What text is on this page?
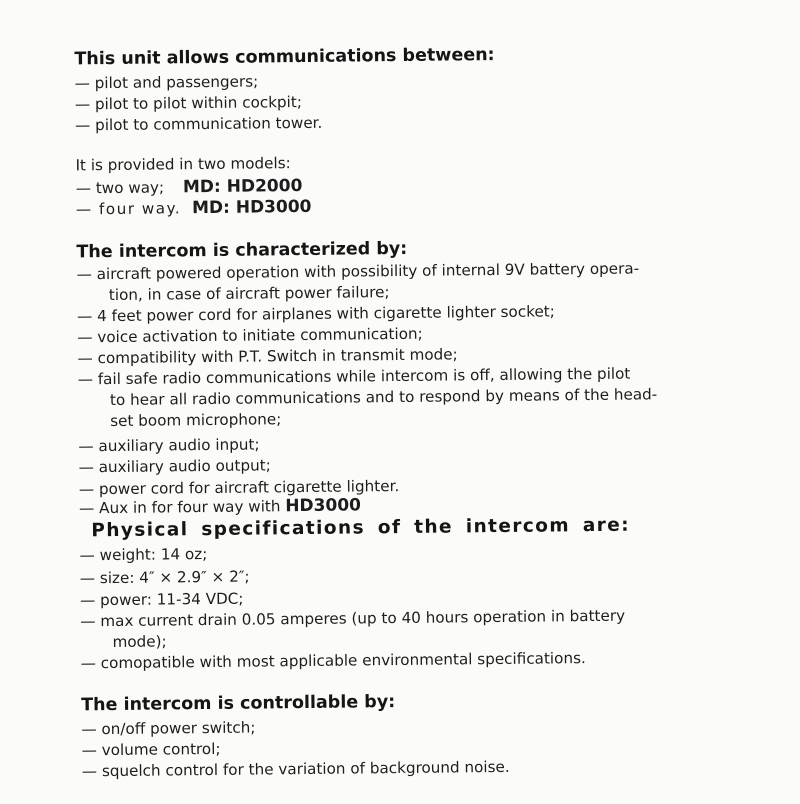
This unit allows communications between:
— pilot and passengers;
— pilot to pilot within cockpit;
— pilot to communication tower.
It is provided in two models:
— two way; MD: HD2000
— four way. MD: HD3000
The intercom is characterized by:
— aircraft powered operation with possibility of internal 9V battery opera-
tion, in case of aircraft power failure;
— 4 feet power cord for airplanes with cigarette lighter socket;
— voice activation to initiate communication;
— compatibility with P.T. Switch in transmit mode;
— fail safe radio communications while intercom is off, allowing the pilot
to hear all radio communications and to respond by means of the head-
set boom microphone;
— auxiliary audio input;
— auxiliary audio output;
— power cord for aircraft cigarette lighter.
— Aux in for four way with HD3000
Physical specifications of the intercom are:
— weight: 14 oz;
— size: 4″ × 2.9″ × 2″;
— power: 11-34 VDC;
— max current drain 0.05 amperes (up to 40 hours operation in battery
mode);
— comopatible with most applicable environmental specifications.
The intercom is controllable by:
— on/off power switch;
— volume control;
— squelch control for the variation of background noise.
